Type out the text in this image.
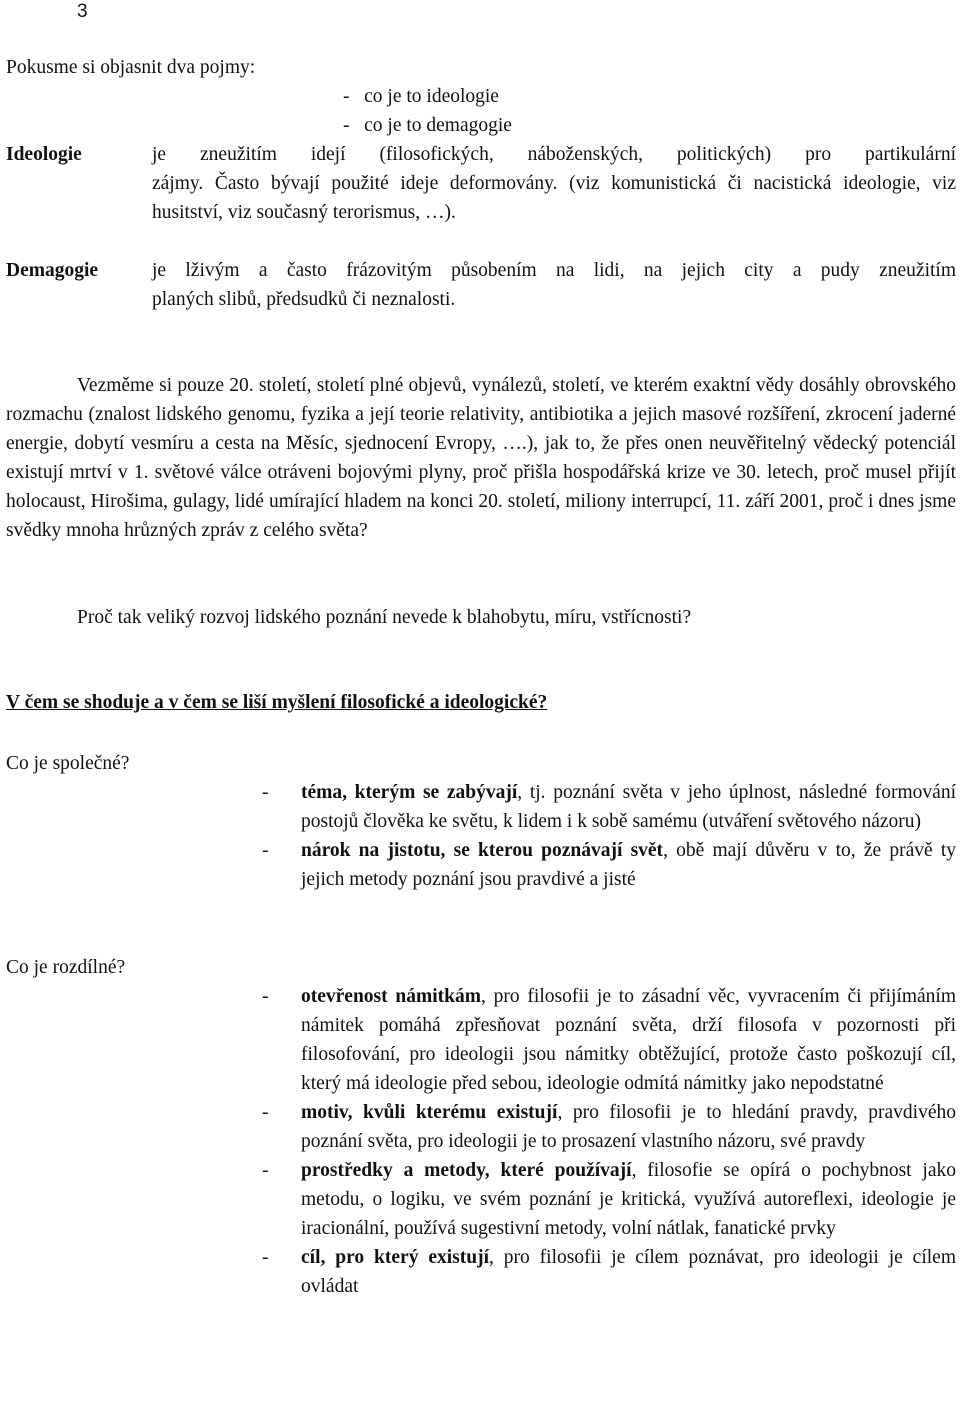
3

Pokusme si objasnit dva pojmy:

- co je to ideologie

- co je to demagogie

Ideologie	je zneužitím idejí (filosofických, náboženských, politických) pro partikulární

zájmy. Často bývají použité ideje deformovány. (viz komunistická či nacistická ideologie, viz husitství, viz současný terorismus, …).

Demagogie	je lživým a často frázovitým působením na lidi, na jejich city a pudy zneužitím

planých slibů, předsudků či neznalosti.

Vezměme si pouze 20. století, století plné objevů, vynálezů, století, ve kterém exaktní vědy dosáhly obrovského rozmachu (znalost lidského genomu, fyzika a její teorie relativity, antibiotika a jejich masové rozšíření, zkrocení jaderné energie, dobytí vesmíru a cesta na Měsíc, sjednocení Evropy, ….), jak to, že přes onen neuvěřitelný vědecký potenciál existují mrtví v 1. světové válce otráveni bojovými plyny, proč přišla hospodářská krize ve 30. letech, proč musel přijít holocaust, Hirošima, gulagy, lidé umírající hladem na konci 20. století, miliony interrupcí, 11. září 2001, proč i dnes jsme svědky mnoha hrůzných zpráv z celého světa?

Proč tak veliký rozvoj lidského poznání nevede k blahobytu, míru, vstřícnosti?

V čem se shoduje a v čem se liší myšlení filosofické a ideologické?

Co je společné?

- téma, kterým se zabývají, tj. poznání světa v jeho úplnost, následné formování postojů člověka ke světu, k lidem i k sobě samému (utváření světového názoru)
- nárok na jistotu, se kterou poznávají svět, obě mají důvěru v to, že právě ty jejich metody poznání jsou pravdivé a jisté

Co je rozdílné?

- otevřenost námitkám, pro filosofii je to zásadní věc, vyvracením či přijímáním námitek pomáhá zpřesňovat poznání světa, drží filosofa v pozornosti při filosofování, pro ideologii jsou námitky obtěžující, protože často poškozují cíl, který má ideologie před sebou, ideologie odmítá námitky jako nepodstatné
- motiv, kvůli kterému existují, pro filosofii je to hledání pravdy, pravdivého poznání světa, pro ideologii je to prosazení vlastního názoru, své pravdy
- prostředky a metody, které používají, filosofie se opírá o pochybnost jako metodu, o logiku, ve svém poznání je kritická, využívá autoreflexi, ideologie je iracionální, používá sugestivní metody, volní nátlak, fanatické prvky
- cíl, pro který existují, pro filosofii je cílem poznávat, pro ideologii je cílem ovládat
